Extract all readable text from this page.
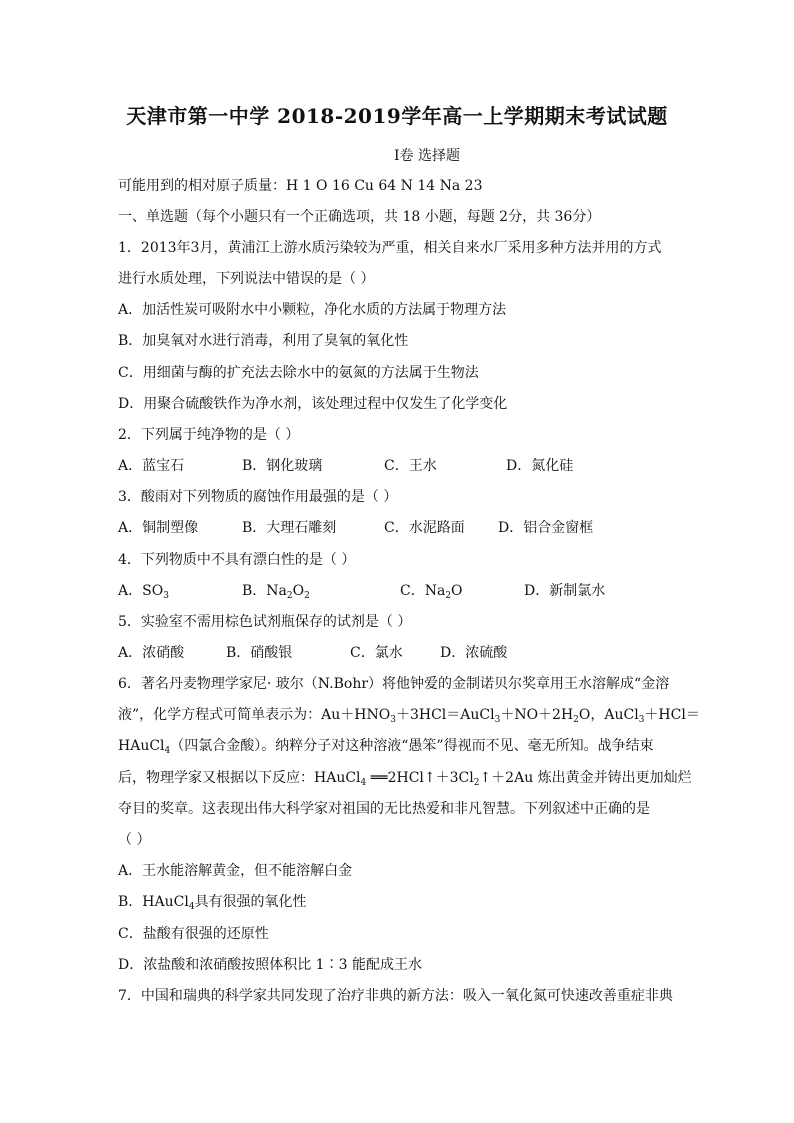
天津市第一中学 2018-2019学年高一上学期期末考试试题
Ⅰ卷 选择题
可能用到的相对原子质量：H 1 O 16 Cu 64 N 14 Na 23
一、单选题（每个小题只有一个正确选项，共 18 小题，每题 2分，共 36分）
1．2013年3月，黄浦江上游水质污染较为严重，相关自来水厂采用多种方法并用的方式
进行水质处理，下列说法中错误的是（ ）
A．加活性炭可吸附水中小颗粒，净化水质的方法属于物理方法
B．加臭氧对水进行消毒，利用了臭氧的氧化性
C．用细菌与酶的扩充法去除水中的氨氮的方法属于生物法
D．用聚合硫酸铁作为净水剂，该处理过程中仅发生了化学变化
2．下列属于纯净物的是（ ）
A．蓝宝石	B．钢化玻璃	C．王水	D．氮化硅
3．酸雨对下列物质的腐蚀作用最强的是（ ）
A．铜制塑像	B．大理石雕刻	C．水泥路面 D．铝合金窗框
4．下列物质中不具有漂白性的是（ ）
A．$SO_3$	B．$Na_2O_2$	C．$Na_2O$	D．新制氯水
5．实验室不需用棕色试剂瓶保存的试剂是（ ）
A．浓硝酸	B．硝酸银	C．氯水	D．浓硫酸
6．著名丹麦物理学家尼· 玻尔（N.Bohr）将他钟爱的金制诺贝尔奖章用王水溶解成“金溶
液”，化学方程式可简单表示为：$Au+HNO_3+3HCl=AuCl_3+NO+2H_2O$，AuCl$_3$＋HCl＝
HAuCl$_4$（四氯合金酸）。纳粹分子对这种溶液“愚笨”得视而不见、毫无所知。战争结束
后，物理学家又根据以下反应：HAuCl$_4$ $══2HCl↑+3Cl_2↑+2Au$ 炼出黄金并铸出更加灿烂
夺目的奖章。这表现出伟大科学家对祖国的无比热爱和非凡智慧。下列叙述中正确的是
（ ）
A．王水能溶解黄金，但不能溶解白金
B．HAuCl$_4$具有很强的氧化性
C．盐酸有很强的还原性
D．浓盐酸和浓硝酸按照体积比 1∶3 能配成王水
7．中国和瑞典的科学家共同发现了治疗非典的新方法：吸入一氧化氮可快速改善重症非典
